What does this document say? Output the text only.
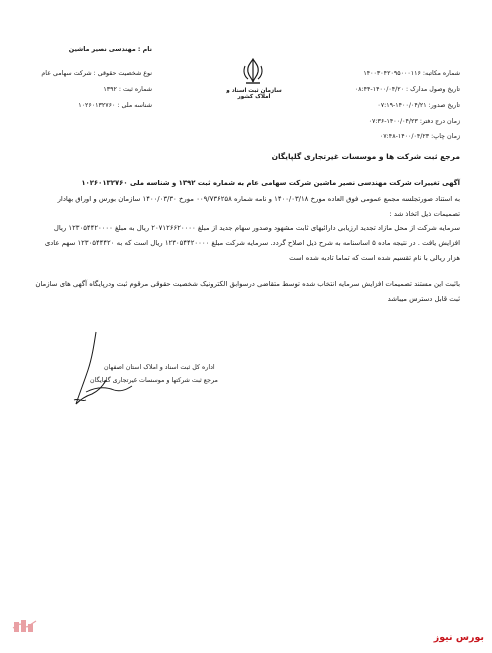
نام : مهندسی نصیر ماشین
نوع شخصیت حقوقی : شرکت سهامی عام
شماره ثبت : ۱۳۹۲
شناسه ملی : ۱۰۲۶۰۱۳۲۷۶۰
سازمان ثبت اسناد و املاک کشور
شماره مکاتبه: ۱۴۰۰۳۰۴۲۰۹۵۰۰۰۱۱۶
تاریخ وصول مدارک : ۱۴۰۰/۰۴/۲۰-۰۸:۴۴
تاریخ صدور: ۱۴۰۰/۰۴/۲۱-۰۷:۱۹
زمان درج دفتر: ۱۴۰۰/۰۴/۲۳-۰۷:۳۶
زمان چاپ: ۱۴۰۰/۰۴/۲۳-۰۷:۴۸
مرجع ثبت شرکت ها و موسسات غیرتجاری گلپایگان
آگهی تغییرات شرکت مهندسی نصیر ماشین شرکت سهامی عام به شماره ثبت ۱۳۹۲ و شناسه ملی ۱۰۲۶۰۱۳۲۷۶۰
به استناد صورتجلسه مجمع عمومی فوق العاده مورخ ۱۴۰۰/۰۳/۱۸ و نامه شماره ۰۰۹/۷۳۶۲۵۸ مورخ ۱۴۰۰/۰۳/۳۰ سازمان بورس و اوراق بهادار
تصمیمات ذیل اتخاذ شد :
سرمایه شرکت از محل مازاد تجدید ارزیابی دارائیهای ثابت مشهود وصدور سهام جدید از مبلغ ۲۰۷۱۲۶۶۲۰۰۰۰ ریال به مبلغ ۱۲۳۰۵۴۴۲۰۰۰۰ ریال
افزایش یافت . در نتیجه ماده ۵ اساسنامه به شرح ذیل اصلاح گردد. سرمایه شرکت مبلغ ۱۲۳۰۵۴۴۲۰۰۰۰ ریال است که به ۱۲۳۰۵۴۴۴۲۰ سهم عادی
هزار ریالی با نام تقسیم شده است که تماما تادیه شده است
باثبت این مستند تصمیمات افزایش سرمایه انتخاب شده توسط متقاضی درسوابق الکترونیک شخصیت حقوقی مرقوم ثبت ودرپایگاه آگهی های سازمان
ثبت قابل دسترس میباشد
اداره کل ثبت اسناد و املاک استان اصفهان
مرجع ثبت شرکتها و موسسات غیرتجاری گلپایگان
بورس نیوز
